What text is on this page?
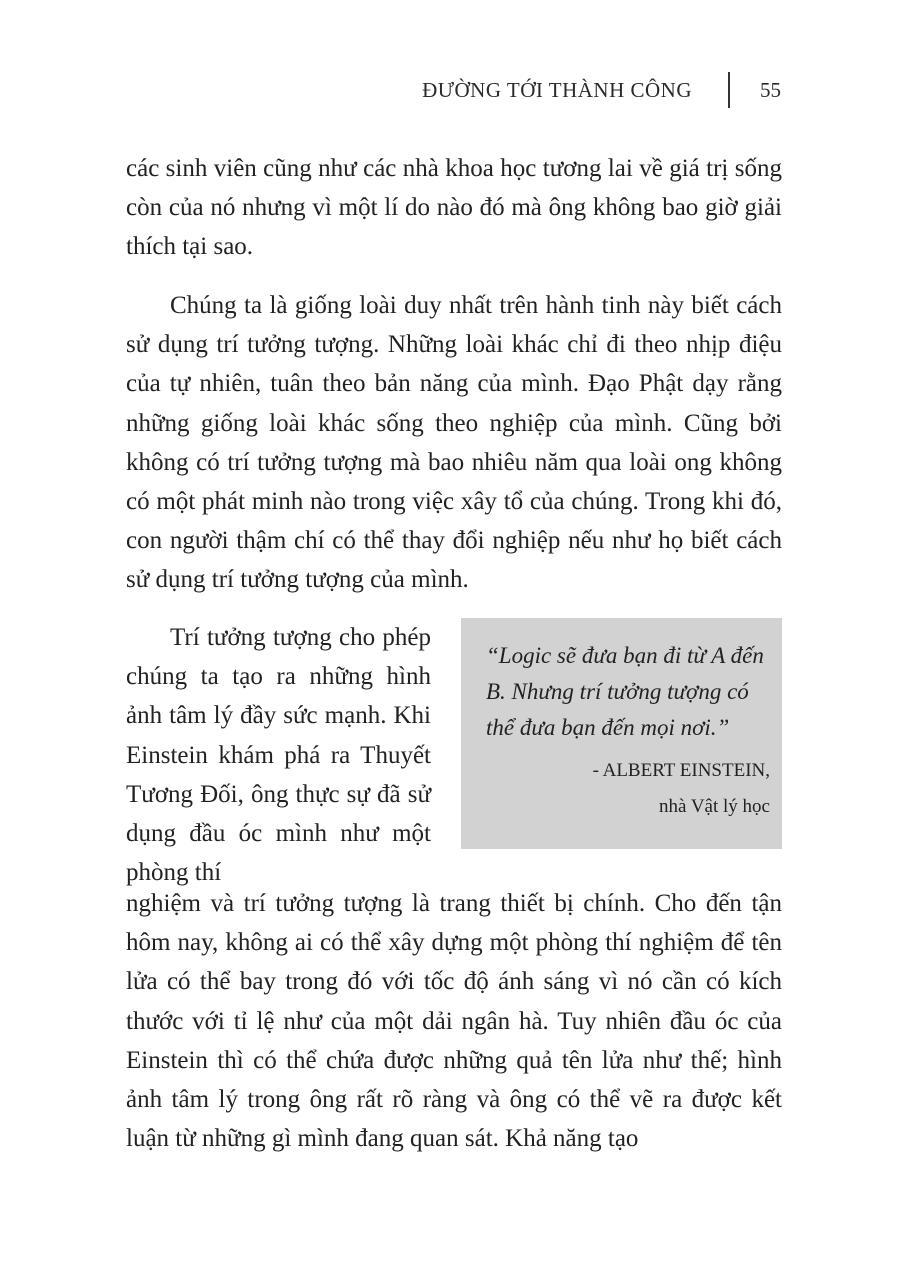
ĐƯỜNG TỚI THÀNH CÔNG	55
các sinh viên cũng như các nhà khoa học tương lai về giá trị sống còn của nó nhưng vì một lí do nào đó mà ông không bao giờ giải thích tại sao.
Chúng ta là giống loài duy nhất trên hành tinh này biết cách sử dụng trí tưởng tượng. Những loài khác chỉ đi theo nhịp điệu của tự nhiên, tuân theo bản năng của mình. Đạo Phật dạy rằng những giống loài khác sống theo nghiệp của mình. Cũng bởi không có trí tưởng tượng mà bao nhiêu năm qua loài ong không có một phát minh nào trong việc xây tổ của chúng. Trong khi đó, con người thậm chí có thể thay đổi nghiệp nếu như họ biết cách sử dụng trí tưởng tượng của mình.
Trí tưởng tượng cho phép chúng ta tạo ra những hình ảnh tâm lý đầy sức mạnh. Khi Einstein khám phá ra Thuyết Tương Đối, ông thực sự đã sử dụng đầu óc mình như một phòng thí
“Logic sẽ đưa bạn đi từ A đến B. Nhưng trí tưởng tượng có thể đưa bạn đến mọi nơi.”
- ALBERT EINSTEIN,
nhà Vật lý học
nghiệm và trí tưởng tượng là trang thiết bị chính. Cho đến tận hôm nay, không ai có thể xây dựng một phòng thí nghiệm để tên lửa có thể bay trong đó với tốc độ ánh sáng vì nó cần có kích thước với tỉ lệ như của một dải ngân hà. Tuy nhiên đầu óc của Einstein thì có thể chứa được những quả tên lửa như thế; hình ảnh tâm lý trong ông rất rõ ràng và ông có thể vẽ ra được kết luận từ những gì mình đang quan sát. Khả năng tạo
